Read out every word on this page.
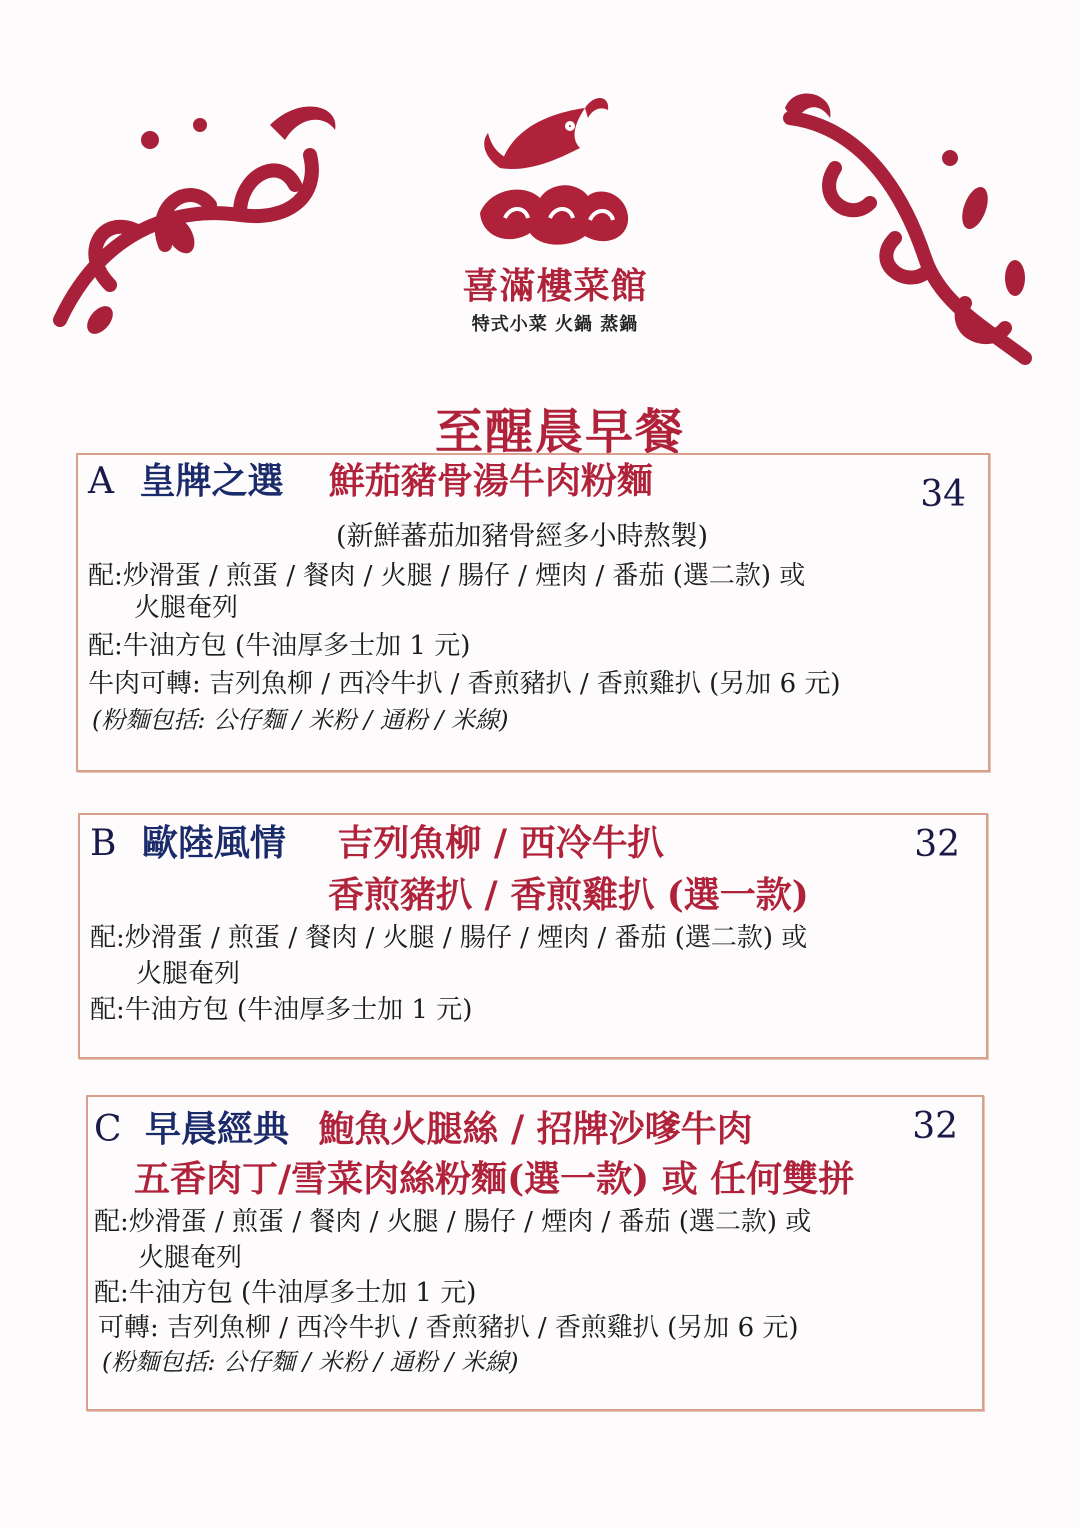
喜滿樓菜館
特式小菜 火鍋 蒸鍋
至醒晨早餐
A 皇牌之選 鮮茄豬骨湯牛肉粉麵	34
(新鮮蕃茄加豬骨經多小時熬製)
配:炒滑蛋 / 煎蛋 / 餐肉 / 火腿 / 腸仔 / 煙肉 / 番茄 (選二款) 或
火腿奄列
配:牛油方包 (牛油厚多士加 1 元)
牛肉可轉: 吉列魚柳 / 西冷牛扒 / 香煎豬扒 / 香煎雞扒 (另加 6 元)
(粉麵包括: 公仔麵 / 米粉 / 通粉 / 米線)
B 歐陸風情 吉列魚柳 / 西冷牛扒	32
香煎豬扒 / 香煎雞扒 (選一款)
配:炒滑蛋 / 煎蛋 / 餐肉 / 火腿 / 腸仔 / 煙肉 / 番茄 (選二款) 或
火腿奄列
配:牛油方包 (牛油厚多士加 1 元)
C 早晨經典 鮑魚火腿絲 / 招牌沙嗲牛肉	32
五香肉丁/雪菜肉絲粉麵(選一款) 或 任何雙拼
配:炒滑蛋 / 煎蛋 / 餐肉 / 火腿 / 腸仔 / 煙肉 / 番茄 (選二款) 或
火腿奄列
配:牛油方包 (牛油厚多士加 1 元)
可轉: 吉列魚柳 / 西冷牛扒 / 香煎豬扒 / 香煎雞扒 (另加 6 元)
(粉麵包括: 公仔麵 / 米粉 / 通粉 / 米線)
